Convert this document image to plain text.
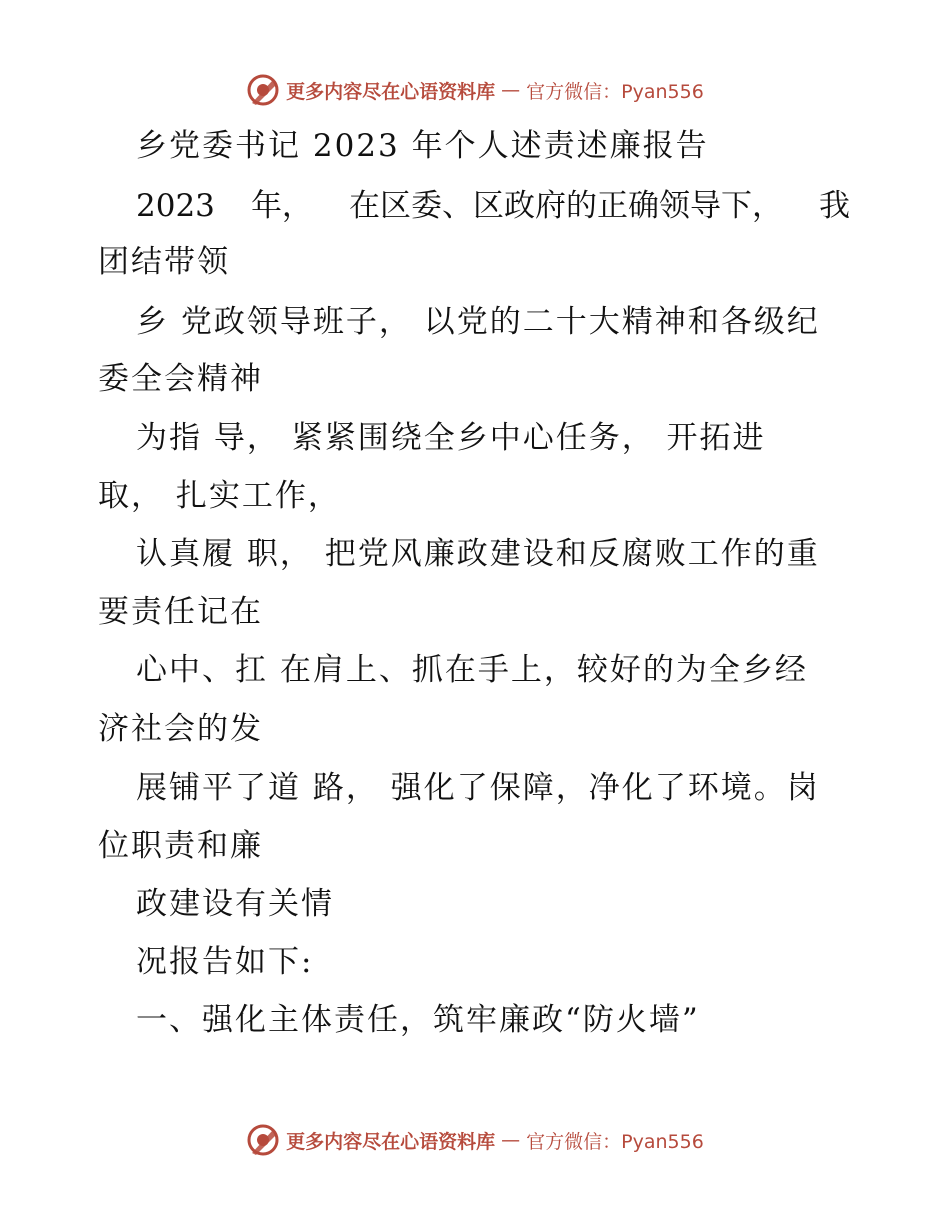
更多内容尽在心语资料库 — 官方微信：Pyan556
乡党委书记 2023 年个人述责述廉报告
2023 年， 在区委、区政府的正确领导下， 我
团结带领
乡 党政领导班子， 以党的二十大精神和各级纪
委全会精神
为指 导， 紧紧围绕全乡中心任务， 开拓进
取， 扎实工作，
认真履 职， 把党风廉政建设和反腐败工作的重
要责任记在
心中、扛 在肩上、抓在手上，较好的为全乡经
济社会的发
展铺平了道 路， 强化了保障，净化了环境。岗
位职责和廉
政建设有关情
况报告如下:
一、强化主体责任，筑牢廉政“防火墙”
更多内容尽在心语资料库 — 官方微信：Pyan556
